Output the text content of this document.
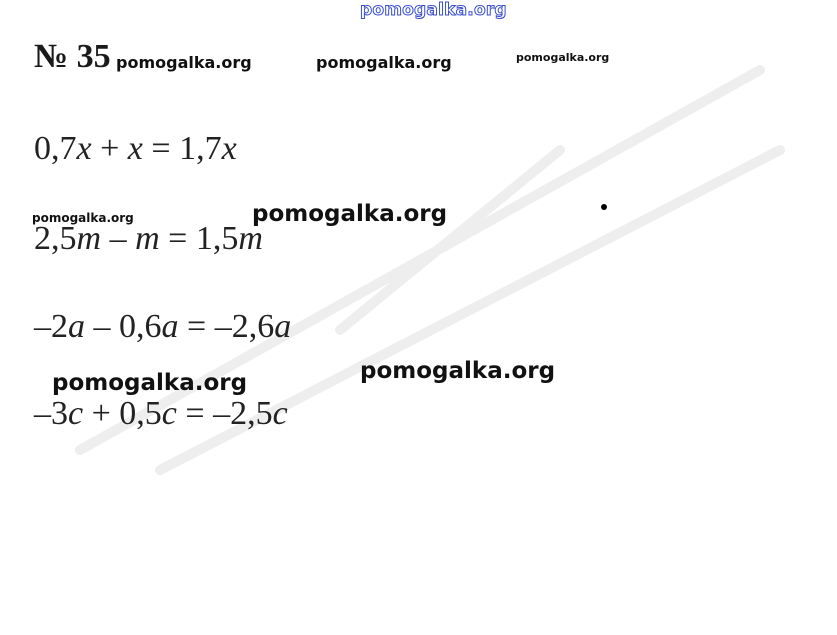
pomogalka.org
№ 35 pomogalka.org	pomogalka.org	pomogalka.org
0,7x + x = 1,7x
pomogalka.org	pomogalka.org
2,5m – m = 1,5m
–2a – 0,6a = –2,6a
pomogalka.org
pomogalka.org
–3c + 0,5c = –2,5c
